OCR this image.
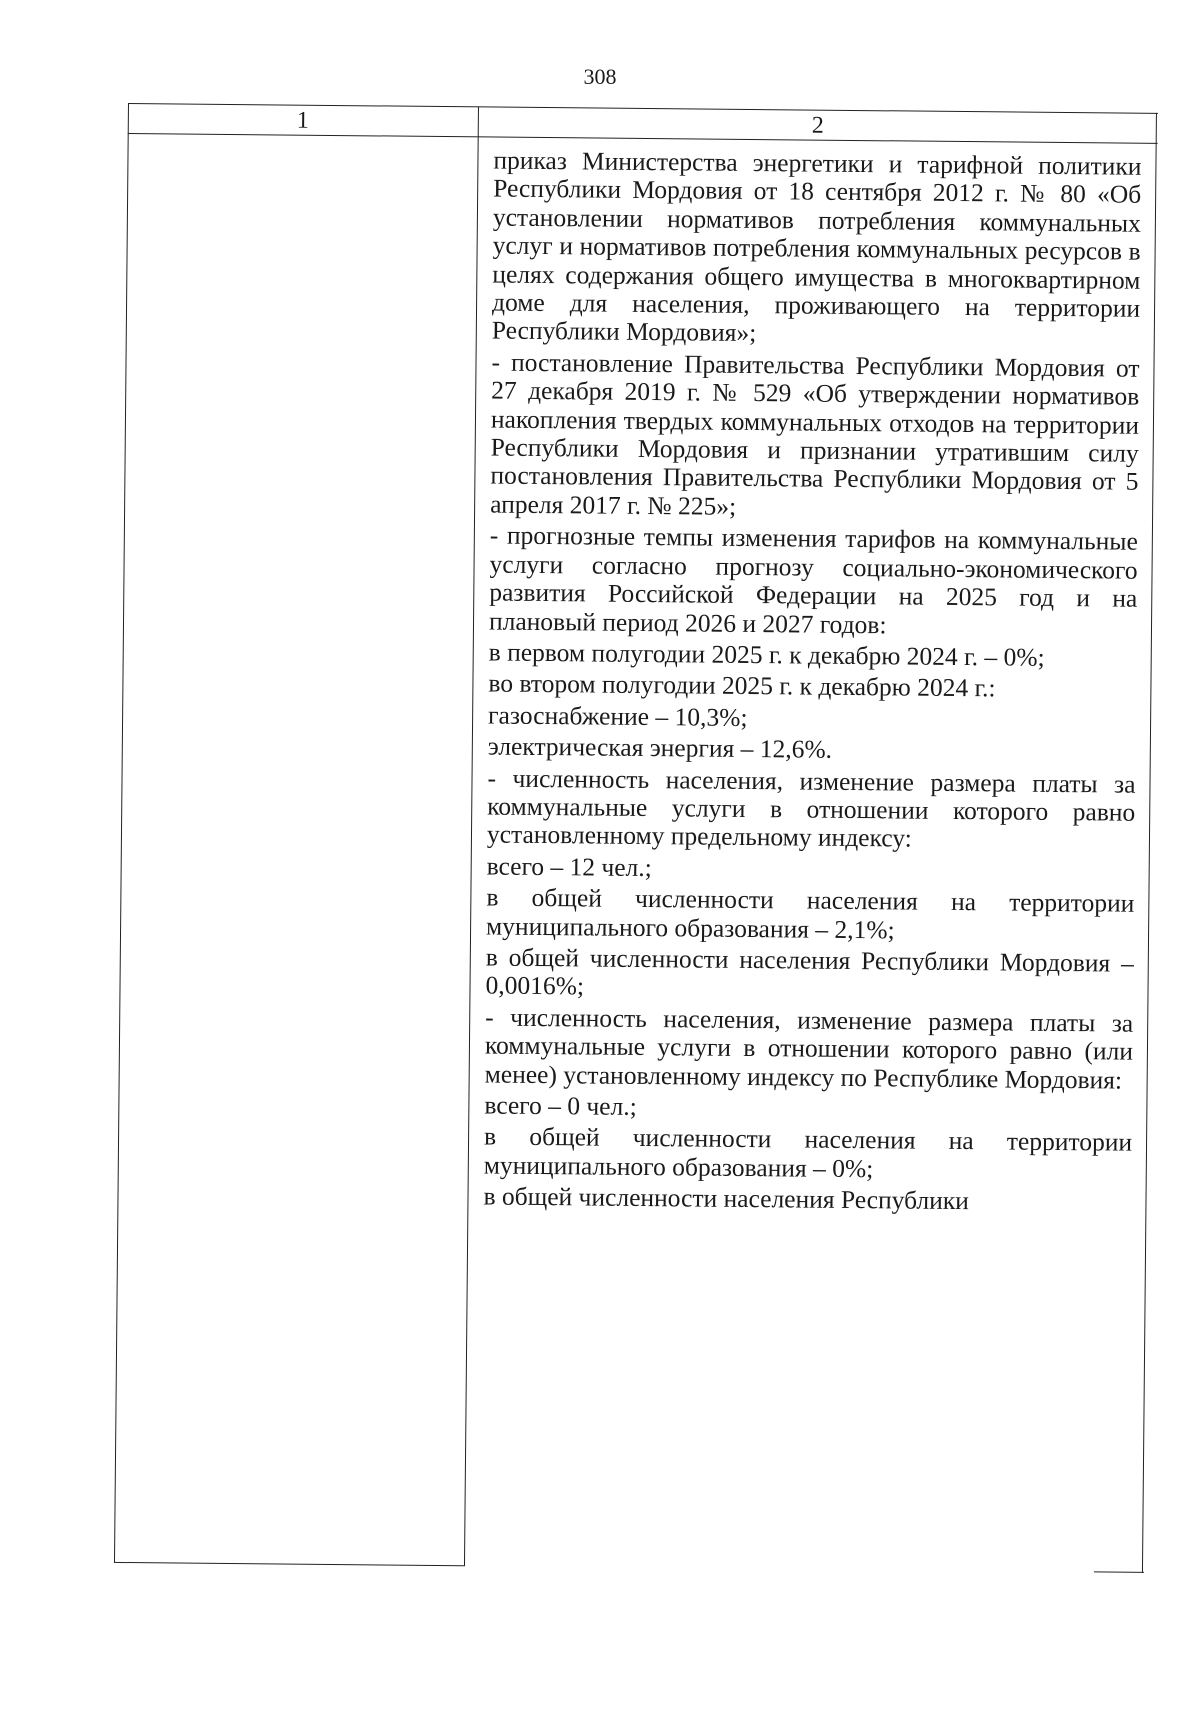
308
1	2

приказ Министерства энергетики и тарифной политики Республики Мордовия от 18 сентября 2012 г. № 80 «Об установлении нормативов потребления коммунальных услуг и нормативов потребления коммунальных ресурсов в целях содержания общего имущества в многоквартирном доме для населения, проживающего на территории Республики Мордовия»;

- постановление Правительства Республики Мордовия от 27 декабря 2019 г. № 529 «Об утверждении нормативов накопления твердых коммунальных отходов на территории Республики Мордовия и признании утратившим силу постановления Правительства Республики Мордовия от 5 апреля 2017 г. № 225»;

- прогнозные темпы изменения тарифов на коммунальные услуги согласно прогнозу социально-экономического развития Российской Федерации на 2025 год и на плановый период 2026 и 2027 годов:

в первом полугодии 2025 г. к декабрю 2024 г. – 0%;

во втором полугодии 2025 г. к декабрю 2024 г.:

газоснабжение – 10,3%;

электрическая энергия – 12,6%.

- численность населения, изменение размера платы за коммунальные услуги в отношении которого равно установленному предельному индексу:

всего – 12 чел.;

в общей численности населения на территории муниципального образования – 2,1%;

в общей численности населения Республики Мордовия – 0,0016%;

- численность населения, изменение размера платы за коммунальные услуги в отношении которого равно (или менее) установленному индексу по Республике Мордовия:

всего – 0 чел.;

в общей численности населения на территории муниципального образования – 0%;

в общей численности населения Республики
